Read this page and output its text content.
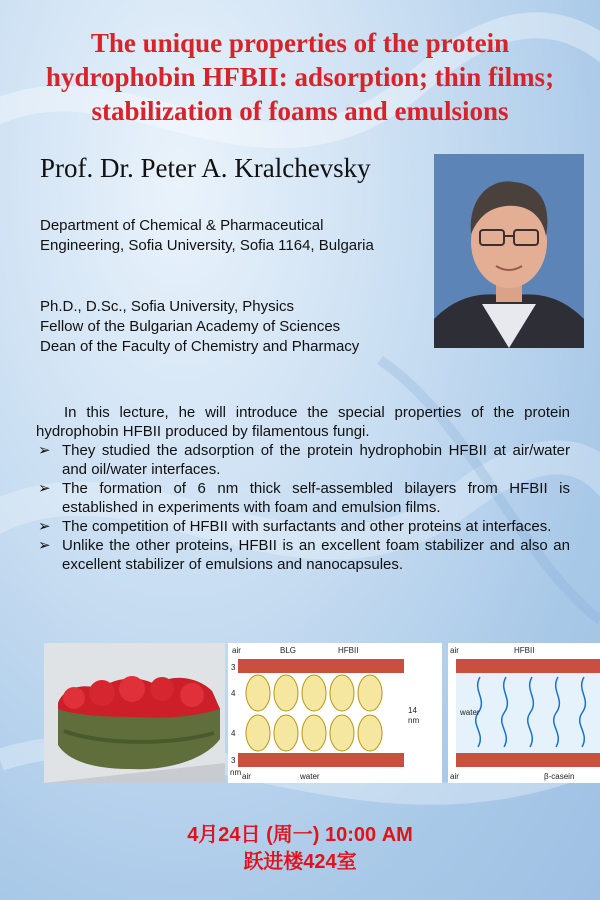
The unique properties of the protein
hydrophobin HFBII: adsorption; thin films;
stabilization of foams and emulsions
Prof. Dr. Peter A. Kralchevsky

Department of Chemical & Pharmaceutical
Engineering, Sofia University, Sofia 1164, Bulgaria

Ph.D., D.Sc., Sofia University, Physics
Fellow of the Bulgarian Academy of Sciences
Dean of the Faculty of Chemistry and Pharmacy

In this lecture, he will introduce the special properties of the protein hydrophobin HFBII produced by filamentous fungi.

➢ They studied the adsorption of the protein hydrophobin HFBII at air/water and oil/water interfaces.
➢ The formation of 6 nm thick self-assembled bilayers from HFBII is established in experiments with foam and emulsion films.
➢ The competition of HFBII with surfactants and other proteins at interfaces.
➢ Unlike the other proteins, HFBII is an excellent foam stabilizer and also an excellent stabilizer of emulsions and nanocapsules.
air	BLG	HFBII
3
4
4
3
nm
14
nm
air	water
air	HFBII
water
air	β-casein

4月24日 (周一) 10:00 AM

跃进楼424室
